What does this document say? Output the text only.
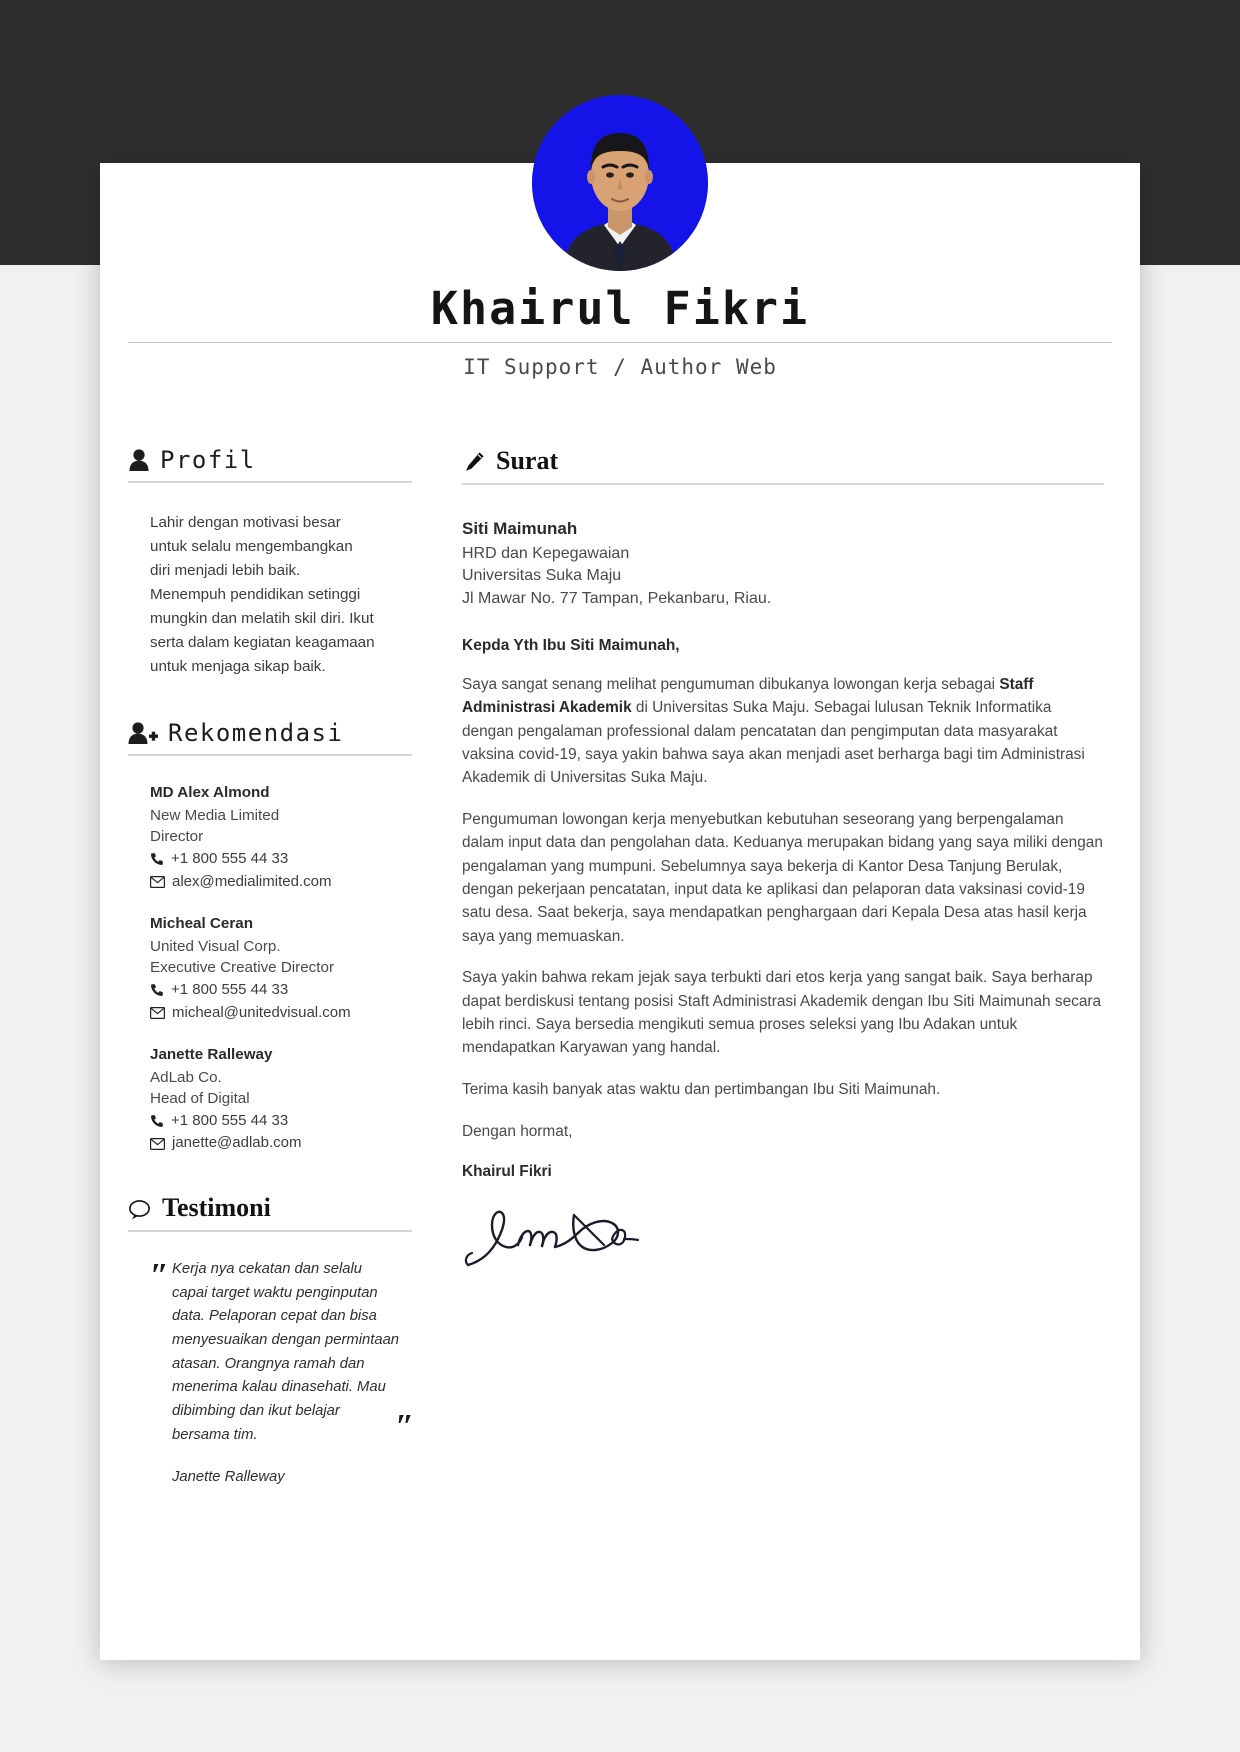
Khairul Fikri
IT Support / Author Web
Profil
Lahir dengan motivasi besar untuk selalu mengembangkan diri menjadi lebih baik. Menempuh pendidikan setinggi mungkin dan melatih skil diri. Ikut serta dalam kegiatan keagamaan untuk menjaga sikap baik.
Rekomendasi
MD Alex Almond
New Media Limited
Director
+1 800 555 44 33
alex@medialimited.com
Micheal Ceran
United Visual Corp.
Executive Creative Director
+1 800 555 44 33
micheal@unitedvisual.com
Janette Ralleway
AdLab Co.
Head of Digital
+1 800 555 44 33
janette@adlab.com
Testimoni
″ Kerja nya cekatan dan selalu capai target waktu penginputan data. Pelaporan cepat dan bisa menyesuaikan dengan permintaan atasan. Orangnya ramah dan menerima kalau dinasehati. Mau dibimbing dan ikut belajar bersama tim.	″
Janette Ralleway
Surat
Siti Maimunah
HRD dan Kepegawaian
Universitas Suka Maju
Jl Mawar No. 77 Tampan, Pekanbaru, Riau.
Kepda Yth Ibu Siti Maimunah,
Saya sangat senang melihat pengumuman dibukanya lowongan kerja sebagai Staff Administrasi Akademik di Universitas Suka Maju. Sebagai lulusan Teknik Informatika dengan pengalaman professional dalam pencatatan dan pengimputan data masyarakat vaksina covid-19, saya yakin bahwa saya akan menjadi aset berharga bagi tim Administrasi Akademik di Universitas Suka Maju.
Pengumuman lowongan kerja menyebutkan kebutuhan seseorang yang berpengalaman dalam input data dan pengolahan data. Keduanya merupakan bidang yang saya miliki dengan pengalaman yang mumpuni. Sebelumnya saya bekerja di Kantor Desa Tanjung Berulak, dengan pekerjaan pencatatan, input data ke aplikasi dan pelaporan data vaksinasi covid-19 satu desa. Saat bekerja, saya mendapatkan penghargaan dari Kepala Desa atas hasil kerja saya yang memuaskan.
Saya yakin bahwa rekam jejak saya terbukti dari etos kerja yang sangat baik. Saya berharap dapat berdiskusi tentang posisi Staft Administrasi Akademik dengan Ibu Siti Maimunah secara lebih rinci. Saya bersedia mengikuti semua proses seleksi yang Ibu Adakan untuk mendapatkan Karyawan yang handal.
Terima kasih banyak atas waktu dan pertimbangan Ibu Siti Maimunah.
Dengan hormat,
Khairul Fikri
